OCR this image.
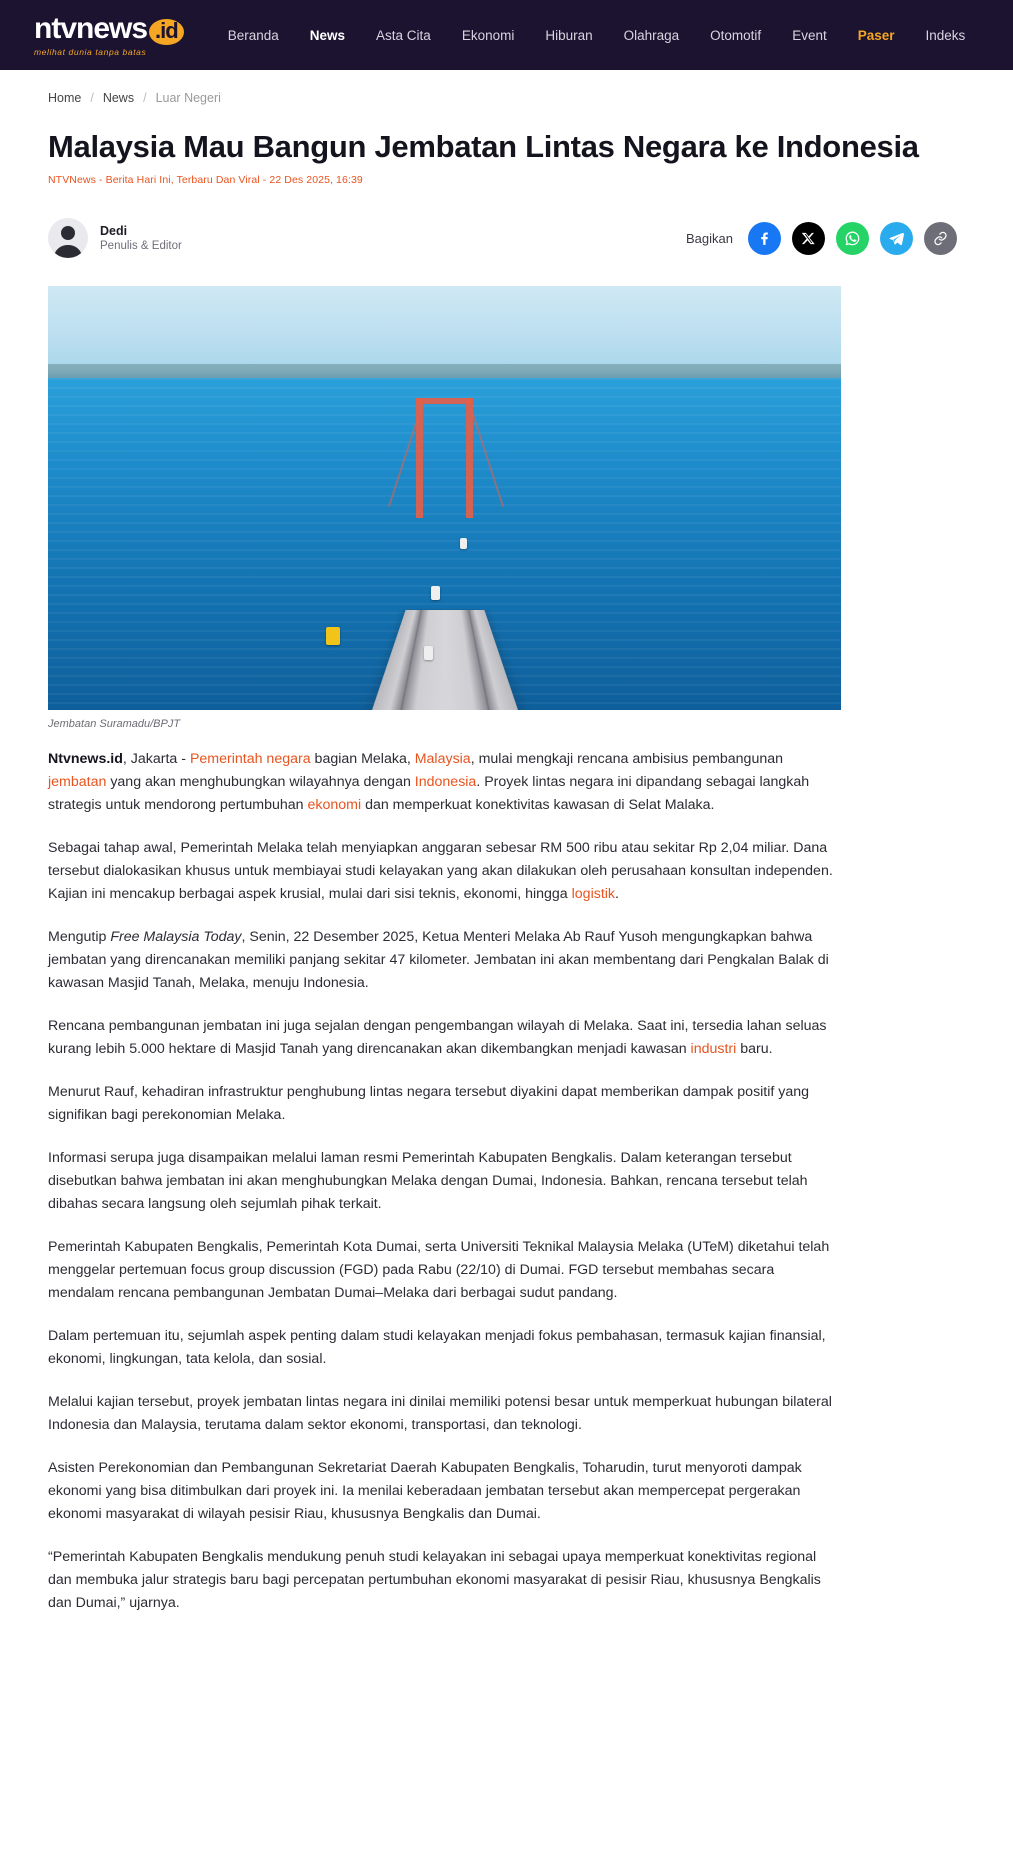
ntvnews .id
melihat dunia tanpa batas
Beranda News Asta Cita Ekonomi Hiburan Olahraga Otomotif Event Paser Indeks
Home / News / Luar Negeri
Malaysia Mau Bangun Jembatan Lintas Negara ke Indonesia
NTVNews - Berita Hari Ini, Terbaru Dan Viral - 22 Des 2025, 16:39
Dedi
Penulis & Editor
Bagikan
Jembatan Suramadu/BPJT

Ntvnews.id, Jakarta - Pemerintah negara bagian Melaka, Malaysia, mulai mengkaji rencana ambisius pembangunan jembatan yang akan menghubungkan wilayahnya dengan Indonesia. Proyek lintas negara ini dipandang sebagai langkah strategis untuk mendorong pertumbuhan ekonomi dan memperkuat konektivitas kawasan di Selat Malaka.

Sebagai tahap awal, Pemerintah Melaka telah menyiapkan anggaran sebesar RM 500 ribu atau sekitar Rp 2,04 miliar. Dana tersebut dialokasikan khusus untuk membiayai studi kelayakan yang akan dilakukan oleh perusahaan konsultan independen. Kajian ini mencakup berbagai aspek krusial, mulai dari sisi teknis, ekonomi, hingga logistik.

Mengutip Free Malaysia Today, Senin, 22 Desember 2025, Ketua Menteri Melaka Ab Rauf Yusoh mengungkapkan bahwa jembatan yang direncanakan memiliki panjang sekitar 47 kilometer. Jembatan ini akan membentang dari Pengkalan Balak di kawasan Masjid Tanah, Melaka, menuju Indonesia.

Rencana pembangunan jembatan ini juga sejalan dengan pengembangan wilayah di Melaka. Saat ini, tersedia lahan seluas kurang lebih 5.000 hektare di Masjid Tanah yang direncanakan akan dikembangkan menjadi kawasan industri baru.

Menurut Rauf, kehadiran infrastruktur penghubung lintas negara tersebut diyakini dapat memberikan dampak positif yang signifikan bagi perekonomian Melaka.

Informasi serupa juga disampaikan melalui laman resmi Pemerintah Kabupaten Bengkalis. Dalam keterangan tersebut disebutkan bahwa jembatan ini akan menghubungkan Melaka dengan Dumai, Indonesia. Bahkan, rencana tersebut telah dibahas secara langsung oleh sejumlah pihak terkait.

Pemerintah Kabupaten Bengkalis, Pemerintah Kota Dumai, serta Universiti Teknikal Malaysia Melaka (UTeM) diketahui telah menggelar pertemuan focus group discussion (FGD) pada Rabu (22/10) di Dumai. FGD tersebut membahas secara mendalam rencana pembangunan Jembatan Dumai–Melaka dari berbagai sudut pandang.

Dalam pertemuan itu, sejumlah aspek penting dalam studi kelayakan menjadi fokus pembahasan, termasuk kajian finansial, ekonomi, lingkungan, tata kelola, dan sosial.

Melalui kajian tersebut, proyek jembatan lintas negara ini dinilai memiliki potensi besar untuk memperkuat hubungan bilateral Indonesia dan Malaysia, terutama dalam sektor ekonomi, transportasi, dan teknologi.

Asisten Perekonomian dan Pembangunan Sekretariat Daerah Kabupaten Bengkalis, Toharudin, turut menyoroti dampak ekonomi yang bisa ditimbulkan dari proyek ini. Ia menilai keberadaan jembatan tersebut akan mempercepat pergerakan ekonomi masyarakat di wilayah pesisir Riau, khususnya Bengkalis dan Dumai.

“Pemerintah Kabupaten Bengkalis mendukung penuh studi kelayakan ini sebagai upaya memperkuat konektivitas regional dan membuka jalur strategis baru bagi percepatan pertumbuhan ekonomi masyarakat di pesisir Riau, khususnya Bengkalis dan Dumai,” ujarnya.
